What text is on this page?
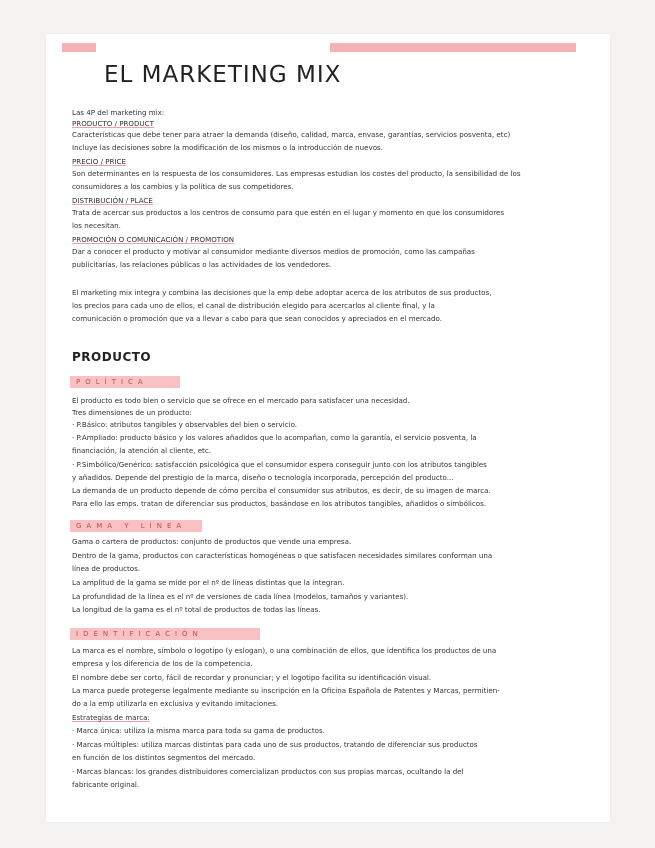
EL MARKETING MIX
PRODUCTO
Las 4P del marketing mix:
PRODUCTO / PRODUCT
Características que debe tener para atraer la demanda (diseño, calidad, marca, envase, garantías, servicios posventa, etc)
Incluye las decisiones sobre la modificación de los mismos o la introducción de nuevos.
PRECIO / PRICE
Son determinantes en la respuesta de los consumidores. Las empresas estudian los costes del producto, la sensibilidad de los
consumidores a los cambios y la política de sus competidores.
DISTRIBUCIÓN / PLACE
Trata de acercar sus productos a los centros de consumo para que estén en el lugar y momento en que los consumidores
los necesitan.
PROMOCIÓN O COMUNICACIÓN / PROMOTION
Dar a conocer el producto y motivar al consumidor mediante diversos medios de promoción, como las campañas
publicitarias, las relaciones públicas o las actividades de los vendedores.
El marketing mix integra y combina las decisiones que la emp debe adoptar acerca de los atributos de sus productos,
los precios para cada uno de ellos, el canal de distribución elegido para acercarlos al cliente final, y la
comunicación o promoción que va a llevar a cabo para que sean conocidos y apreciados en el mercado.
El producto es todo bien o servicio que se ofrece en el mercado para satisfacer una necesidad.
Tres dimensiones de un producto:
· P.Básico: atributos tangibles y observables del bien o servicio.
· P.Ampliado: producto básico y los valores añadidos que lo acompañan, como la garantía, el servicio posventa, la
financiación, la atención al cliente, etc.
· P.Simbólico/Genérico: satisfacción psicológica que el consumidor espera conseguir junto con los atributos tangibles
y añadidos. Depende del prestigio de la marca, diseño o tecnología incorporada, percepción del producto...
La demanda de un producto depende de cómo perciba el consumidor sus atributos, es decir, de su imagen de marca.
Para ello las emps. tratan de diferenciar sus productos, basándose en los atributos tangibles, añadidos o simbólicos.
Gama o cartera de productos: conjunto de productos que vende una empresa.
Dentro de la gama, productos con características homogéneas o que satisfacen necesidades similares conforman una
línea de productos.
La amplitud de la gama se mide por el nº de líneas distintas que la integran.
La profundidad de la línea es el nº de versiones de cada línea (modelos, tamaños y variantes).
La longitud de la gama es el nº total de productos de todas las líneas.
La marca es el nombre, símbolo o logotipo (y eslogan), o una combinación de ellos, que identifica los productos de una
empresa y los diferencia de los de la competencia.
El nombre debe ser corto, fácil de recordar y pronunciar; y el logotipo facilita su identificación visual.
La marca puede protegerse legalmente mediante su inscripción en la Oficina Española de Patentes y Marcas, permitien-
do a la emp utilizarla en exclusiva y evitando imitaciones.
Estrategias de marca:
· Marca única: utiliza la misma marca para toda su gama de productos.
· Marcas múltiples: utiliza marcas distintas para cada uno de sus productos, tratando de diferenciar sus productos
en función de los distintos segmentos del mercado.
· Marcas blancas: los grandes distribuidores comercializan productos con sus propias marcas, ocultando la del
fabricante original.
POLÍTICA
GAMA Y LÍNEA
IDENTIFICACIÓN
